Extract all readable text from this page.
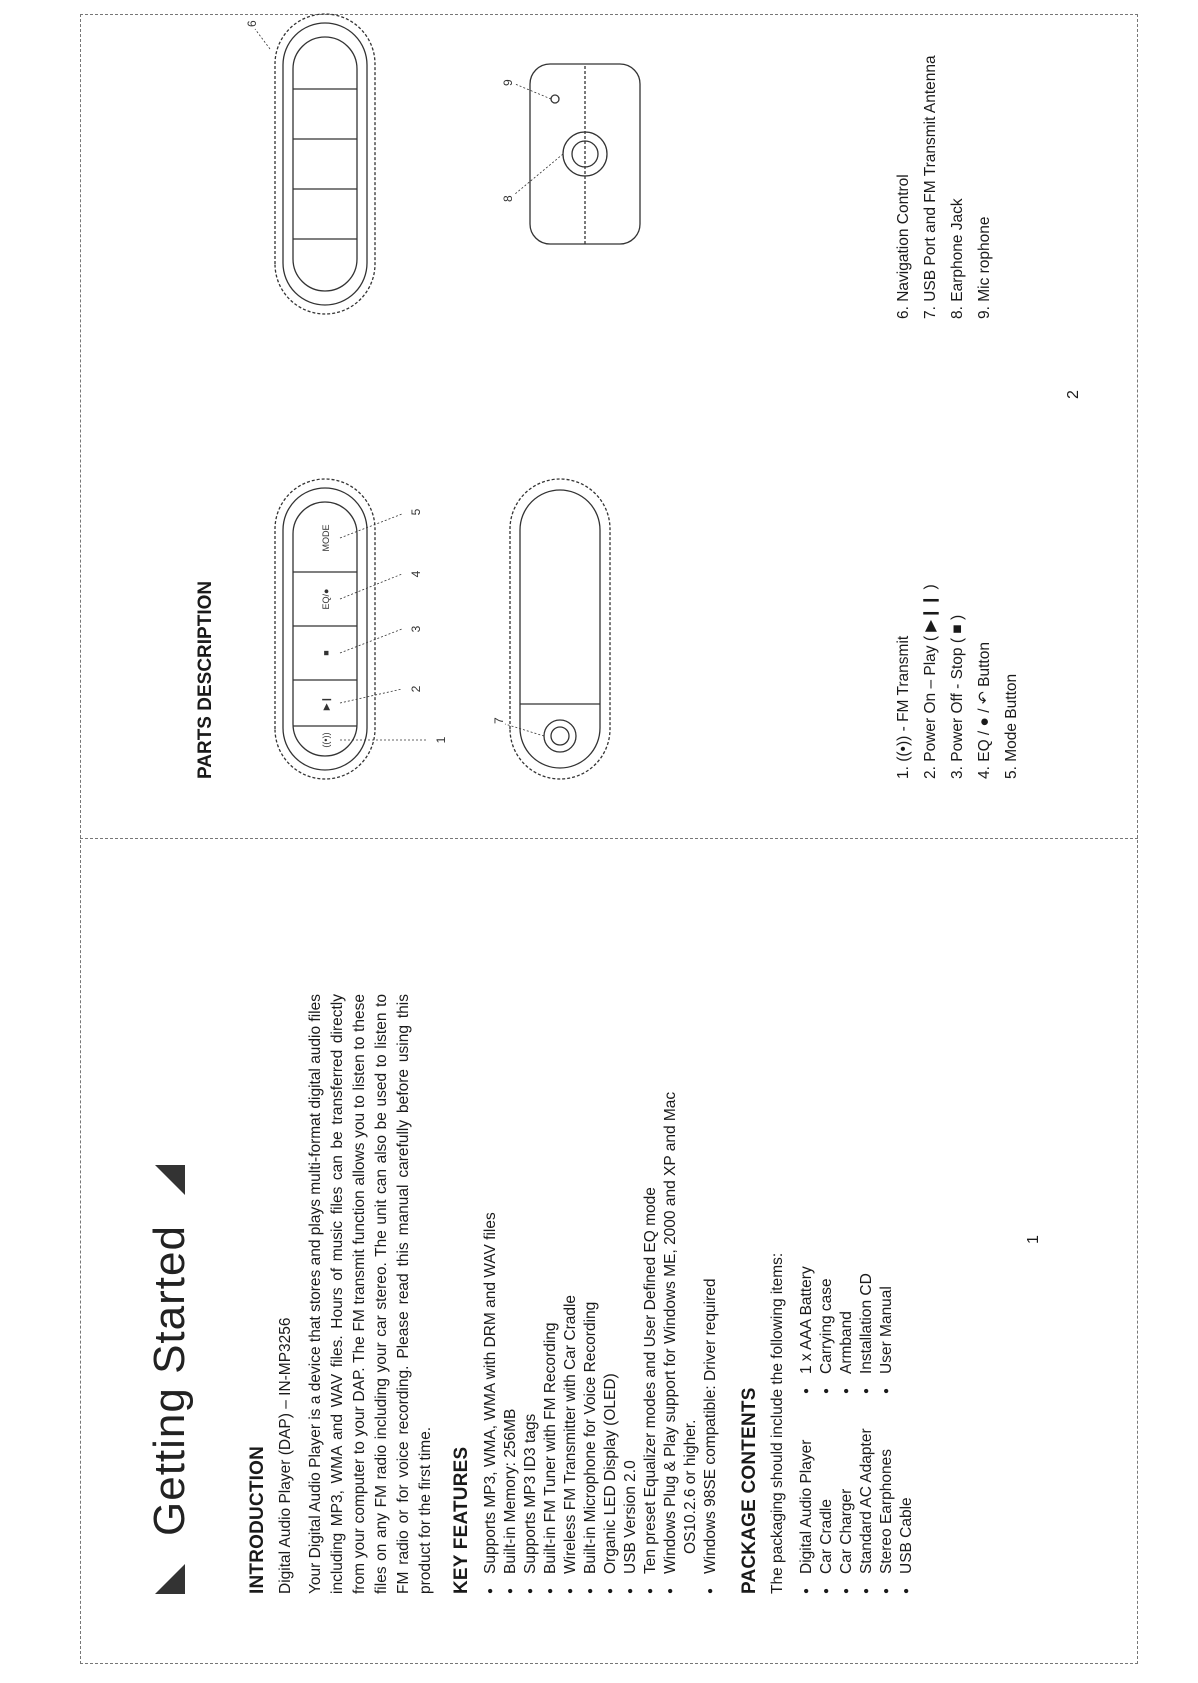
Getting Started	INTRODUCTION Digital Audio Player (DAP) – IN-MP3256 Your Digital Audio Player is a device that stores and plays multi-format digital audio files including MP3, WMA and WAV files. Hours of music files can be transferred directly from your computer to your DAP. The FM transmit function allows you to listen to these files on any FM radio including your car stereo. The unit can also be used to listen to FM radio or for voice recording. Please read this manual carefully before using this product for the first time. KEY FEATURES ● Supports MP3, WMA, WMA with DRM and WAV files ● Built-in Memory: 256MB ● Supports MP3 ID3 tags ● Built-in FM Tuner with FM Recording ● Wireless FM Transmitter with Car Cradle ● Built-in Microphone for Voice Recording ● Organic LED Display (OLED) ● USB Version 2.0 ● Ten preset Equalizer modes and User Defined EQ mode ● Windows Plug & Play support for Windows ME, 2000 and XP and Mac OS10.2.6 or higher. ● Windows 98SE compatible: Driver required PACKAGE CONTENTS The packaging should include the following items: ● Digital Audio Player ● Car Cradle ● Car Charger ● Standard AC Adapter ● Stereo Earphones ● USB Cable
● 1 x AAA Battery ● Carrying case ● Armband ● Installation CD ● User Manual
1
PARTS DESCRIPTION	((•))
▶❙
■
EQ/●
MODE
1
2
3
4
5
7
6
8
9
1. ((•)) - FM Transmit 2. Power On – Play ( ▶❙❙ ) 3. Power Off - Stop ( ■ ) 4. EQ / ● / ↶ Button 5. Mode Button
6. Navigation Control 7. USB Port and FM Transmit Antenna 8. Earphone Jack 9. Mic rophone
2
